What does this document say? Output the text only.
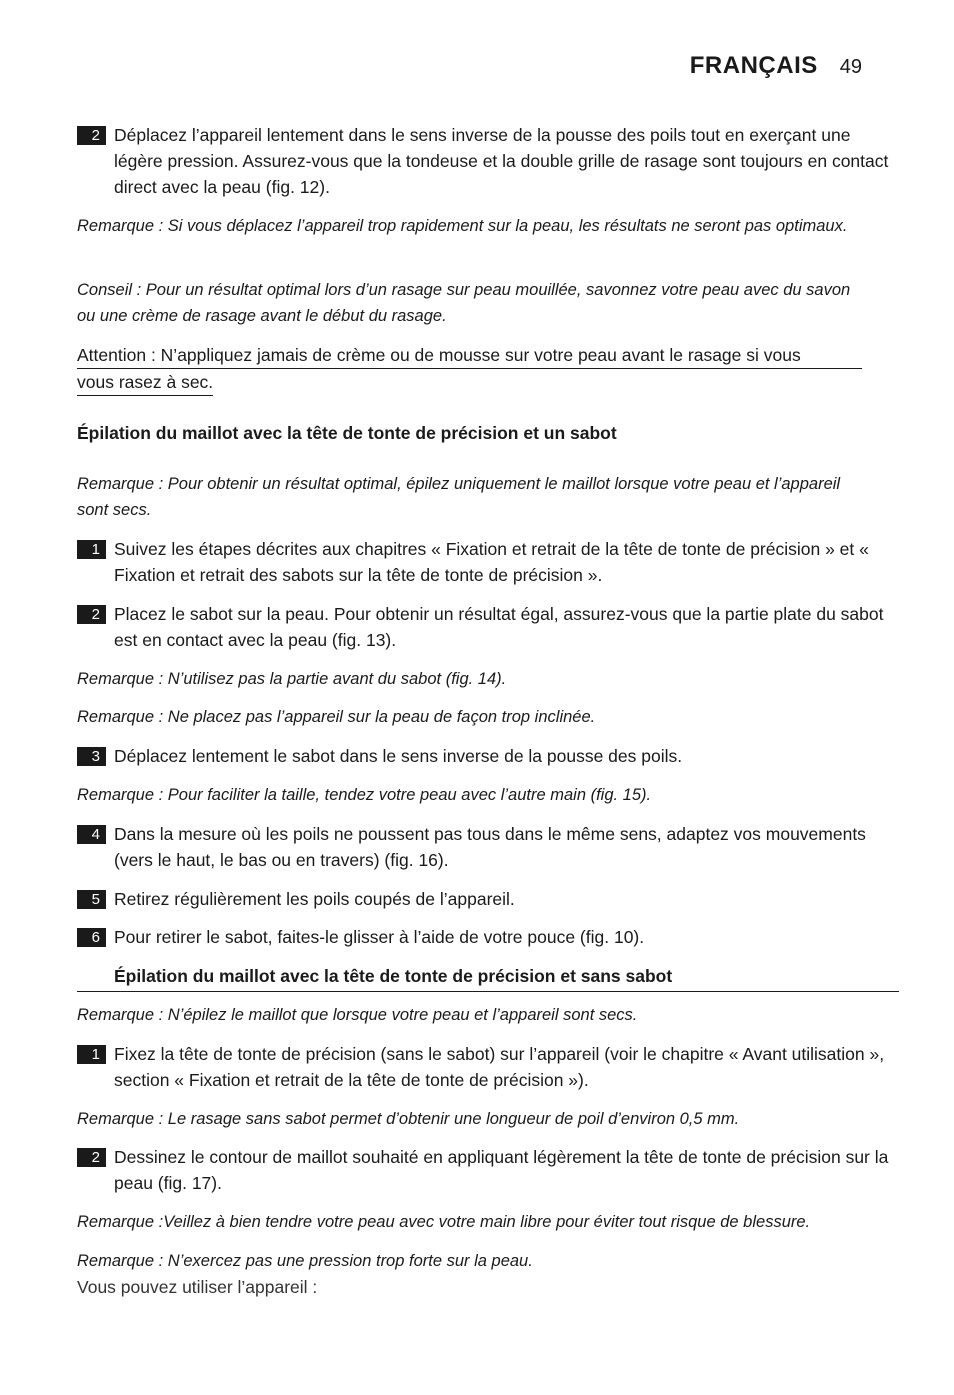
FRANÇAIS 49
2 Déplacez l’appareil lentement dans le sens inverse de la pousse des poils tout en exerçant une légère pression. Assurez-vous que la tondeuse et la double grille de rasage sont toujours en contact direct avec la peau (fig. 12).
Remarque : Si vous déplacez l’appareil trop rapidement sur la peau, les résultats ne seront pas optimaux.
Conseil : Pour un résultat optimal lors d’un rasage sur peau mouillée, savonnez votre peau avec du savon ou une crème de rasage avant le début du rasage.
Attention : N’appliquez jamais de crème ou de mousse sur votre peau avant le rasage si vous
vous rasez à sec.
Épilation du maillot avec la tête de tonte de précision et un sabot
Remarque : Pour obtenir un résultat optimal, épilez uniquement le maillot lorsque votre peau et l’appareil sont secs.
1 Suivez les étapes décrites aux chapitres « Fixation et retrait de la tête de tonte de précision » et « Fixation et retrait des sabots sur la tête de tonte de précision ».
2 Placez le sabot sur la peau. Pour obtenir un résultat égal, assurez-vous que la partie plate du sabot est en contact avec la peau (fig. 13).
Remarque : N’utilisez pas la partie avant du sabot (fig. 14).
Remarque : Ne placez pas l’appareil sur la peau de façon trop inclinée.
3 Déplacez lentement le sabot dans le sens inverse de la pousse des poils.
Remarque : Pour faciliter la taille, tendez votre peau avec l’autre main (fig. 15).
4 Dans la mesure où les poils ne poussent pas tous dans le même sens, adaptez vos mouvements (vers le haut, le bas ou en travers) (fig. 16).
5 Retirez régulièrement les poils coupés de l’appareil.
6 Pour retirer le sabot, faites-le glisser à l’aide de votre pouce (fig. 10).
Épilation du maillot avec la tête de tonte de précision et sans sabot
Remarque : N’épilez le maillot que lorsque votre peau et l’appareil sont secs.
1 Fixez la tête de tonte de précision (sans le sabot) sur l’appareil (voir le chapitre « Avant utilisation », section « Fixation et retrait de la tête de tonte de précision »).
Remarque : Le rasage sans sabot permet d’obtenir une longueur de poil d’environ 0,5 mm.
2 Dessinez le contour de maillot souhaité en appliquant légèrement la tête de tonte de précision sur la peau (fig. 17).
Remarque :Veillez à bien tendre votre peau avec votre main libre pour éviter tout risque de blessure.
Remarque : N’exercez pas une pression trop forte sur la peau.
Vous pouvez utiliser l’appareil :
